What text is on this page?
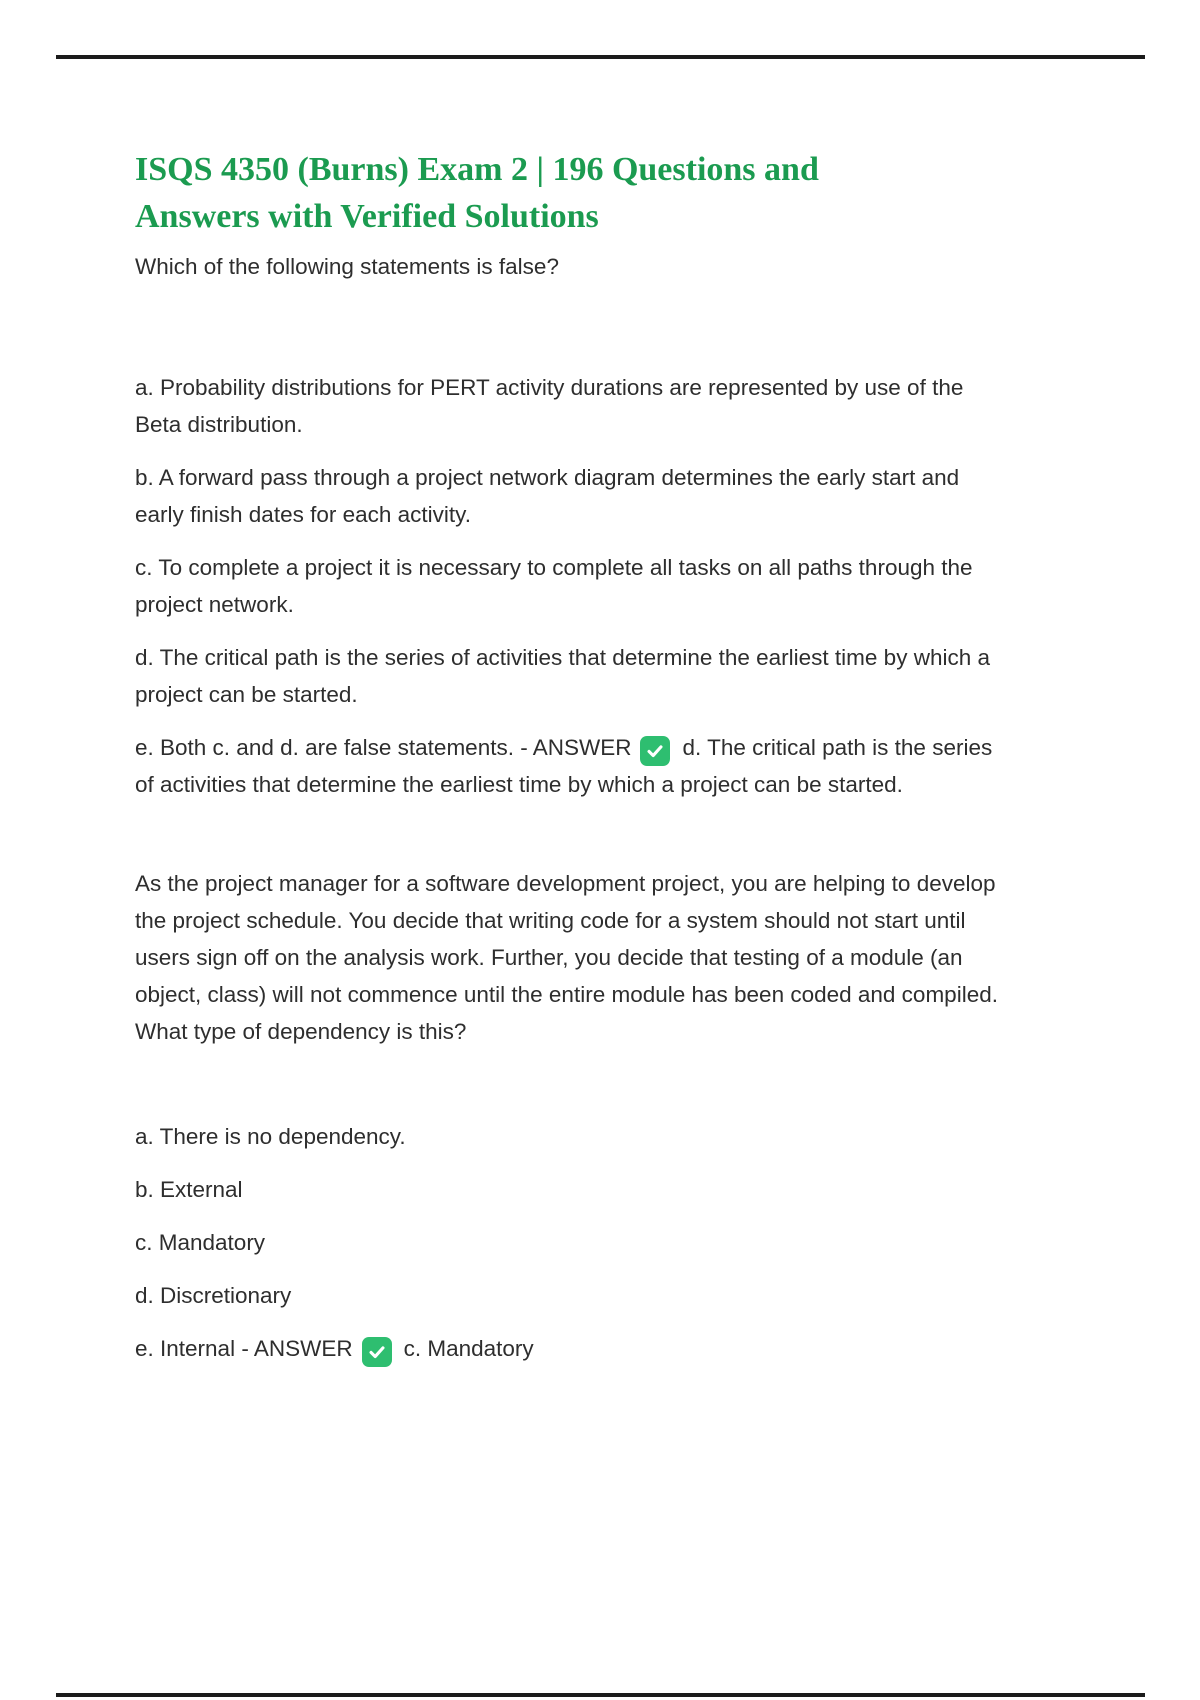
ISQS 4350 (Burns) Exam 2 | 196 Questions and
Answers with Verified Solutions

Which of the following statements is false?

a. Probability distributions for PERT activity durations are represented by use of the Beta distribution.

b. A forward pass through a project network diagram determines the early start and early finish dates for each activity.

c. To complete a project it is necessary to complete all tasks on all paths through the project network.

d. The critical path is the series of activities that determine the earliest time by which a project can be started.

e. Both c. and d. are false statements. - ANSWER d. The critical path is the series of activities that determine the earliest time by which a project can be started.

As the project manager for a software development project, you are helping to develop the project schedule. You decide that writing code for a system should not start until users sign off on the analysis work. Further, you decide that testing of a module (an object, class) will not commence until the entire module has been coded and compiled. What type of dependency is this?

a. There is no dependency.

b. External

c. Mandatory

d. Discretionary

e. Internal - ANSWER c. Mandatory
